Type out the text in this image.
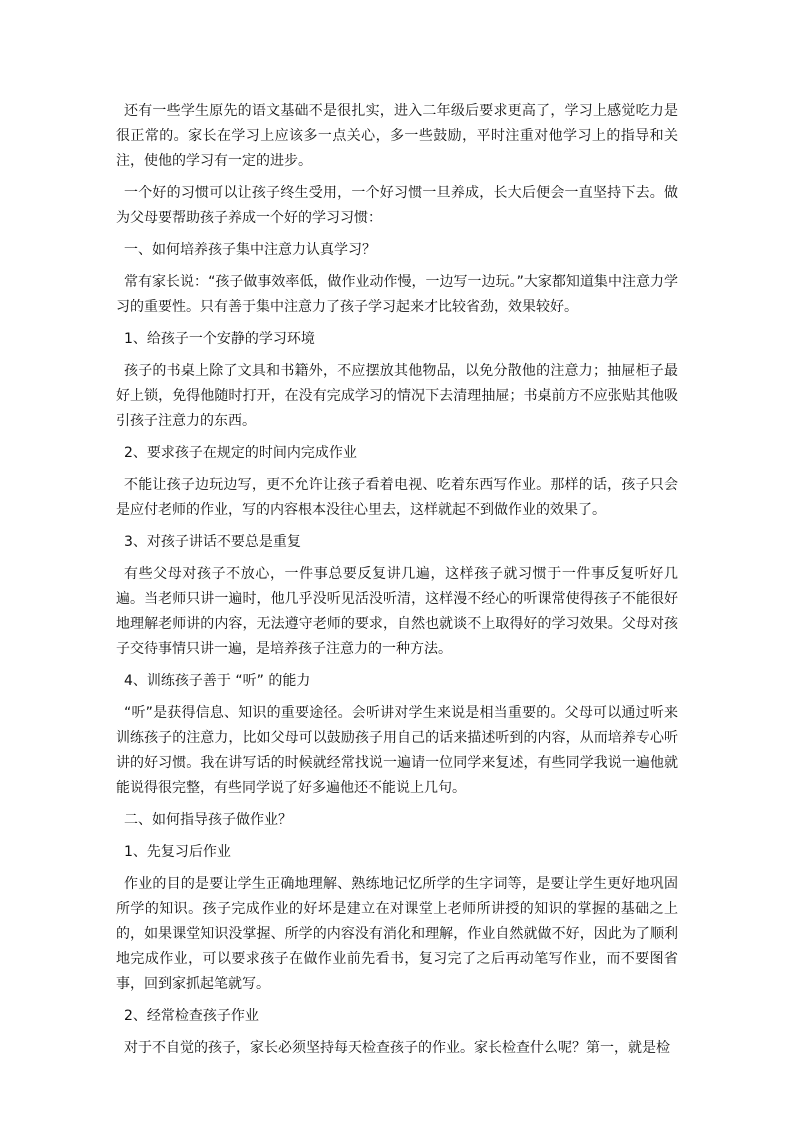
还有一些学生原先的语文基础不是很扎实，进入二年级后要求更高了，学习上感觉吃力是很正常的。家长在学习上应该多一点关心，多一些鼓励，平时注重对他学习上的指导和关注，使他的学习有一定的进步。

一个好的习惯可以让孩子终生受用，一个好习惯一旦养成，长大后便会一直坚持下去。做为父母要帮助孩子养成一个好的学习习惯：

一、如何培养孩子集中注意力认真学习？

常有家长说：“孩子做事效率低，做作业动作慢，一边写一边玩。”大家都知道集中注意力学习的重要性。只有善于集中注意力了孩子学习起来才比较省劲，效果较好。

1、给孩子一个安静的学习环境

孩子的书桌上除了文具和书籍外，不应摆放其他物品，以免分散他的注意力；抽屉柜子最好上锁，免得他随时打开，在没有完成学习的情况下去清理抽屉；书桌前方不应张贴其他吸引孩子注意力的东西。

2、要求孩子在规定的时间内完成作业

不能让孩子边玩边写，更不允许让孩子看着电视、吃着东西写作业。那样的话，孩子只会是应付老师的作业，写的内容根本没往心里去，这样就起不到做作业的效果了。

3、对孩子讲话不要总是重复

有些父母对孩子不放心，一件事总要反复讲几遍，这样孩子就习惯于一件事反复听好几遍。当老师只讲一遍时，他几乎没听见活没听清，这样漫不经心的听课常使得孩子不能很好地理解老师讲的内容，无法遵守老师的要求，自然也就谈不上取得好的学习效果。父母对孩子交待事情只讲一遍，是培养孩子注意力的一种方法。

4、训练孩子善于 “听” 的能力

“听”是获得信息、知识的重要途径。会听讲对学生来说是相当重要的。父母可以通过听来训练孩子的注意力，比如父母可以鼓励孩子用自己的话来描述听到的内容，从而培养专心听讲的好习惯。我在讲写话的时候就经常找说一遍请一位同学来复述，有些同学我说一遍他就能说得很完整，有些同学说了好多遍他还不能说上几句。

二、如何指导孩子做作业？

1、先复习后作业

作业的目的是要让学生正确地理解、熟练地记忆所学的生字词等，是要让学生更好地巩固所学的知识。孩子完成作业的好坏是建立在对课堂上老师所讲授的知识的掌握的基础之上的，如果课堂知识没掌握、所学的内容没有消化和理解，作业自然就做不好，因此为了顺利地完成作业，可以要求孩子在做作业前先看书，复习完了之后再动笔写作业，而不要图省事，回到家抓起笔就写。

2、经常检查孩子作业

对于不自觉的孩子，家长必须坚持每天检查孩子的作业。家长检查什么呢？第一，就是检
